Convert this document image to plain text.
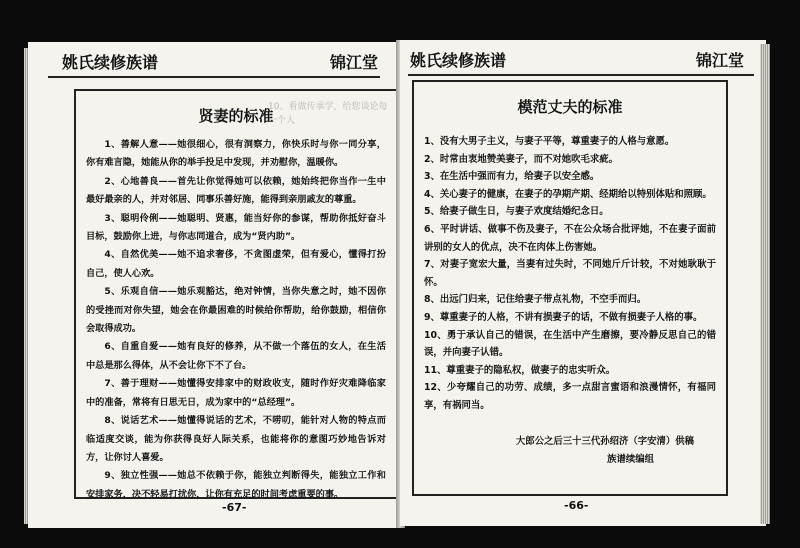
姚氏续修族谱	锦江堂
10、看做传承学，给您谈论每一个人
贤妻的标准

1、善解人意——她很细心，很有洞察力，你快乐时与你一同分享，你有难言隐，她能从你的举手投足中发现，并劝慰你，温暖你。

2、心地善良——首先让你觉得她可以依赖，她始终把你当作一生中最好最亲的人，并对邻居、同事乐善好施，能得到亲朋戚友的尊重。

3、聪明伶俐——她聪明、贤惠，能当好你的参谋，帮助你抵好奋斗目标，鼓励你上进，与你志同道合，成为“贤内助”。

4、自然优美——她不追求奢侈，不贪图虚荣，但有爱心，懂得打扮自己，使人心欢。

5、乐观自信——她乐观豁达，绝对钟情，当你失意之时，她不因你的受挫而对你失望，她会在你最困难的时候给你帮助，给你鼓励，相信你会取得成功。

6、自重自爱——她有良好的修养，从不做一个落伍的女人，在生活中总是那么得体，从不会让你下不了台。

7、善于理财——她懂得安排家中的财政收支，随时作好灾难降临家中的准备，常将有日思无日，成为家中的“总经理”。

8、说话艺术——她懂得说话的艺术，不唠叨，能针对人物的特点而临适度交谈，能为你获得良好人际关系，也能将你的意图巧妙地告诉对方，让你讨人喜爱。

9、独立性强——她总不依赖于你，能独立判断得失，能独立工作和安排家务，决不轻易打扰你，让你有充足的时间考虑重要的事。

-67-
姚氏续修族谱	锦江堂
模范丈夫的标准

1、没有大男子主义，与妻子平等，尊重妻子的人格与意愿。

2、时常由衷地赞美妻子，而不对她吹毛求疵。

3、在生活中强而有力，给妻子以安全感。

4、关心妻子的健康，在妻子的孕期产期、经期给以特别体贴和照顾。

5、给妻子做生日，与妻子欢度结婚纪念日。

6、平时讲话、做事不伤及妻子，不在公众场合批评她，不在妻子面前讲别的女人的优点，决不在肉体上伤害她。

7、对妻子宽宏大量，当妻有过失时，不同她斤斤计较，不对她耿耿于怀。

8、出远门归来，记住给妻子带点礼物，不空手而归。

9、尊重妻子的人格，不讲有损妻子的话，不做有损妻子人格的事。

10、勇于承认自己的错误，在生活中产生磨擦，要冷静反思自己的错误，并向妻子认错。

11、尊重妻子的隐私权，做妻子的忠实听众。

12、少夸耀自己的功劳、成绩，多一点甜言蜜语和浪漫情怀，有福同享，有祸同当。

大郎公之后三十三代孙绍济（字安清）供稿
族谱续编组
-66-
